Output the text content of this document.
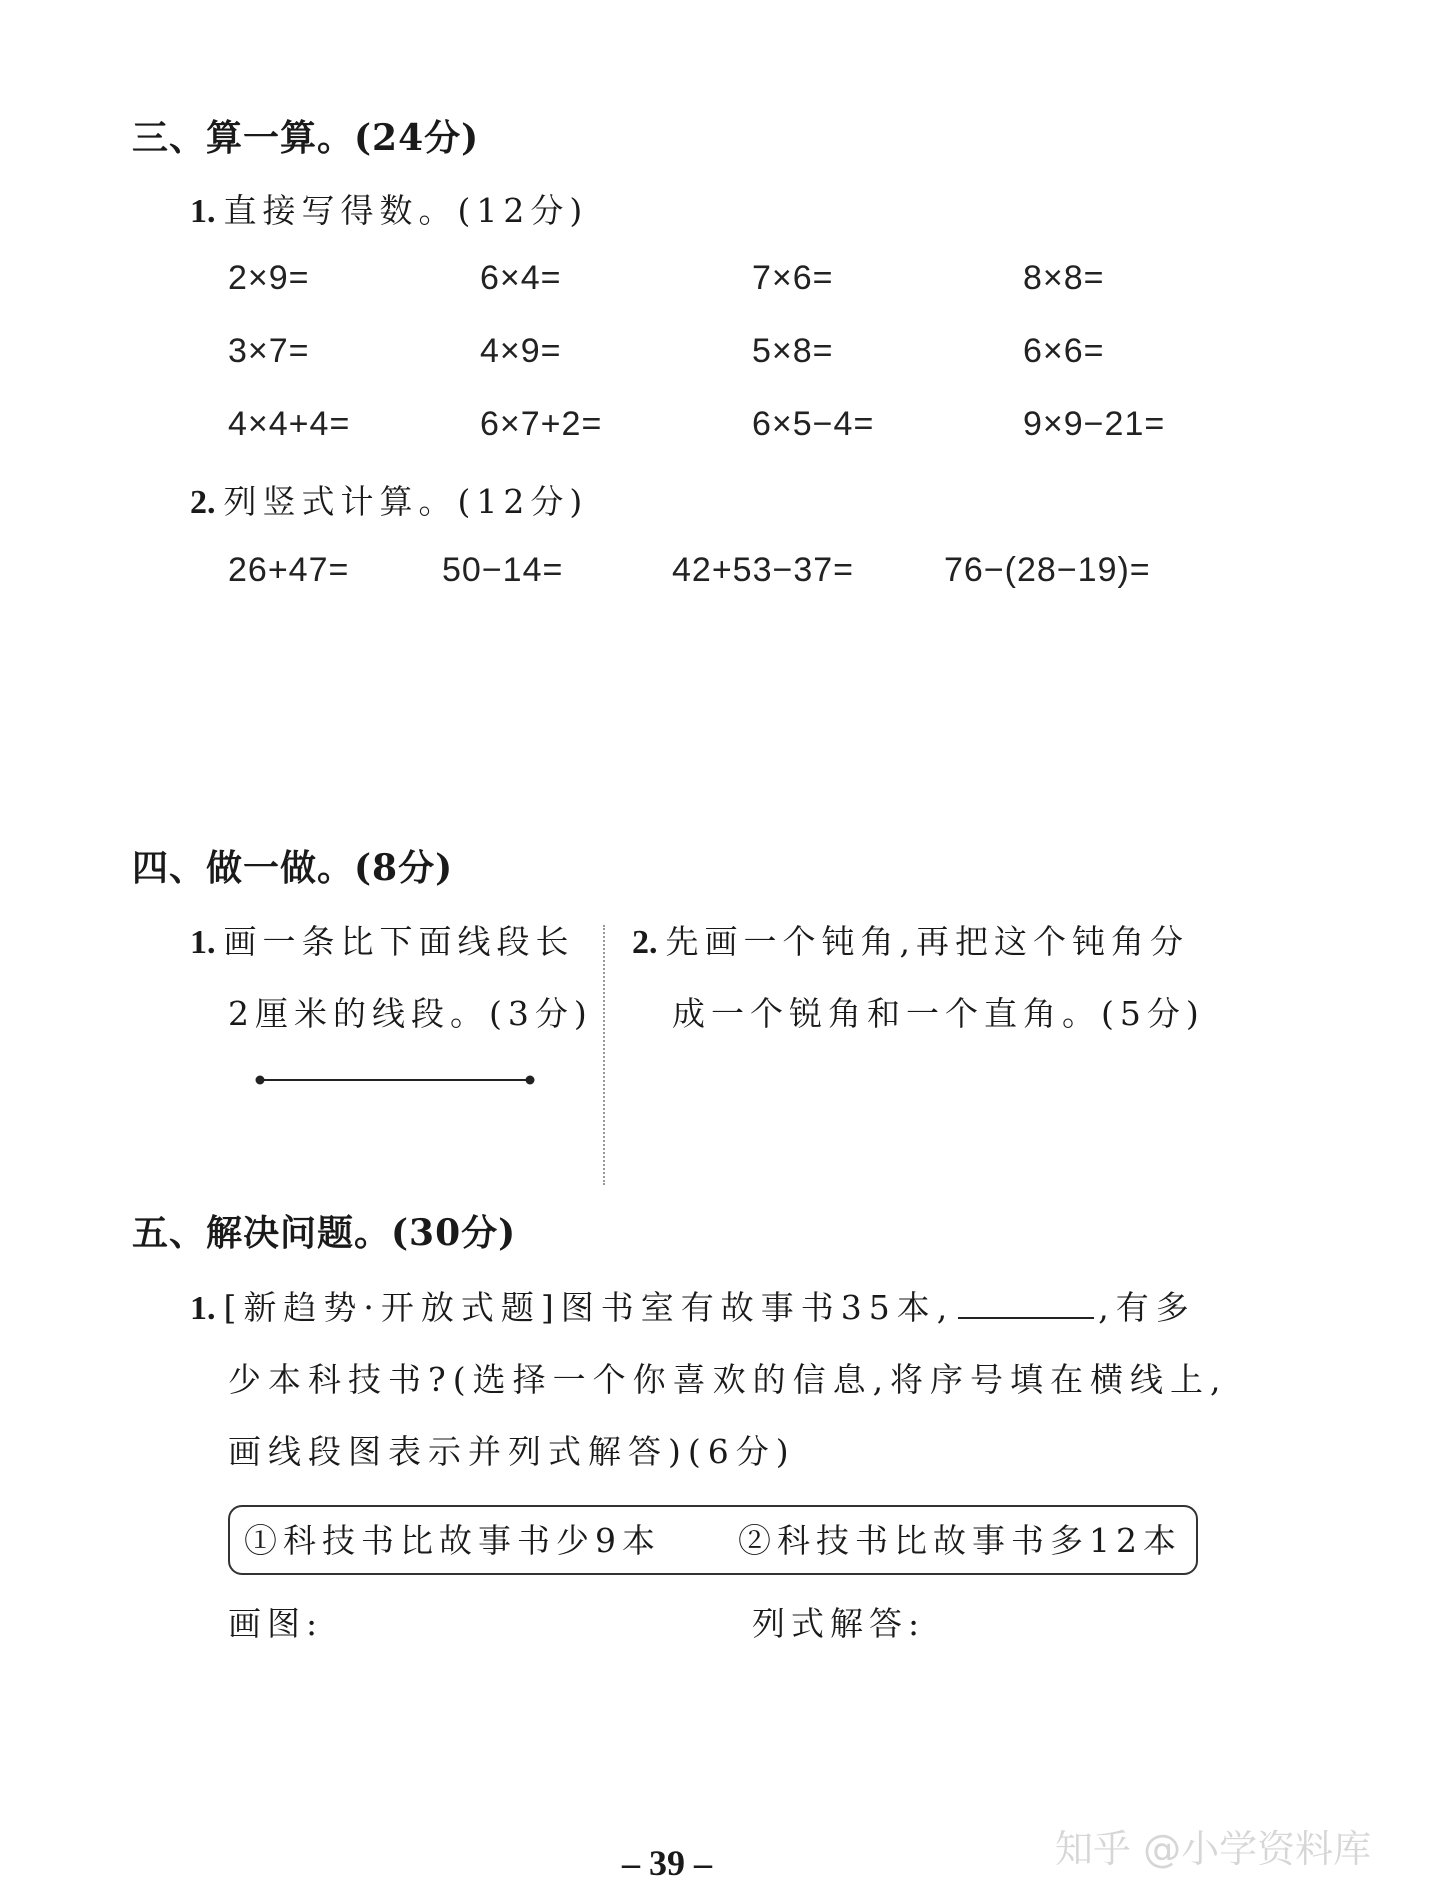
三、算一算。(24分)
1. 直接写得数。(12分)
2×9=	6×4=	7×6=	8×8=
3×7=	4×9=	5×8=	6×6=
4×4+4=	6×7+2=	6×5−4=	9×9−21=
2. 列竖式计算。(12分)
26+47=	50−14=	42+53−37=	76−(28−19)=
四、做一做。(8分)
1. 画一条比下面线段长
2厘米的线段。(3分)
2. 先画一个钝角,再把这个钝角分
成一个锐角和一个直角。(5分)
五、解决问题。(30分)
1. [新趋势·开放式题]图书室有故事书35本,	,有多
少本科技书?(选择一个你喜欢的信息,将序号填在横线上,
画线段图表示并列式解答)(6分)
①科技书比故事书少9本 ②科技书比故事书多12本
画图:	列式解答:
– 39 –	知乎 @小学资料库
